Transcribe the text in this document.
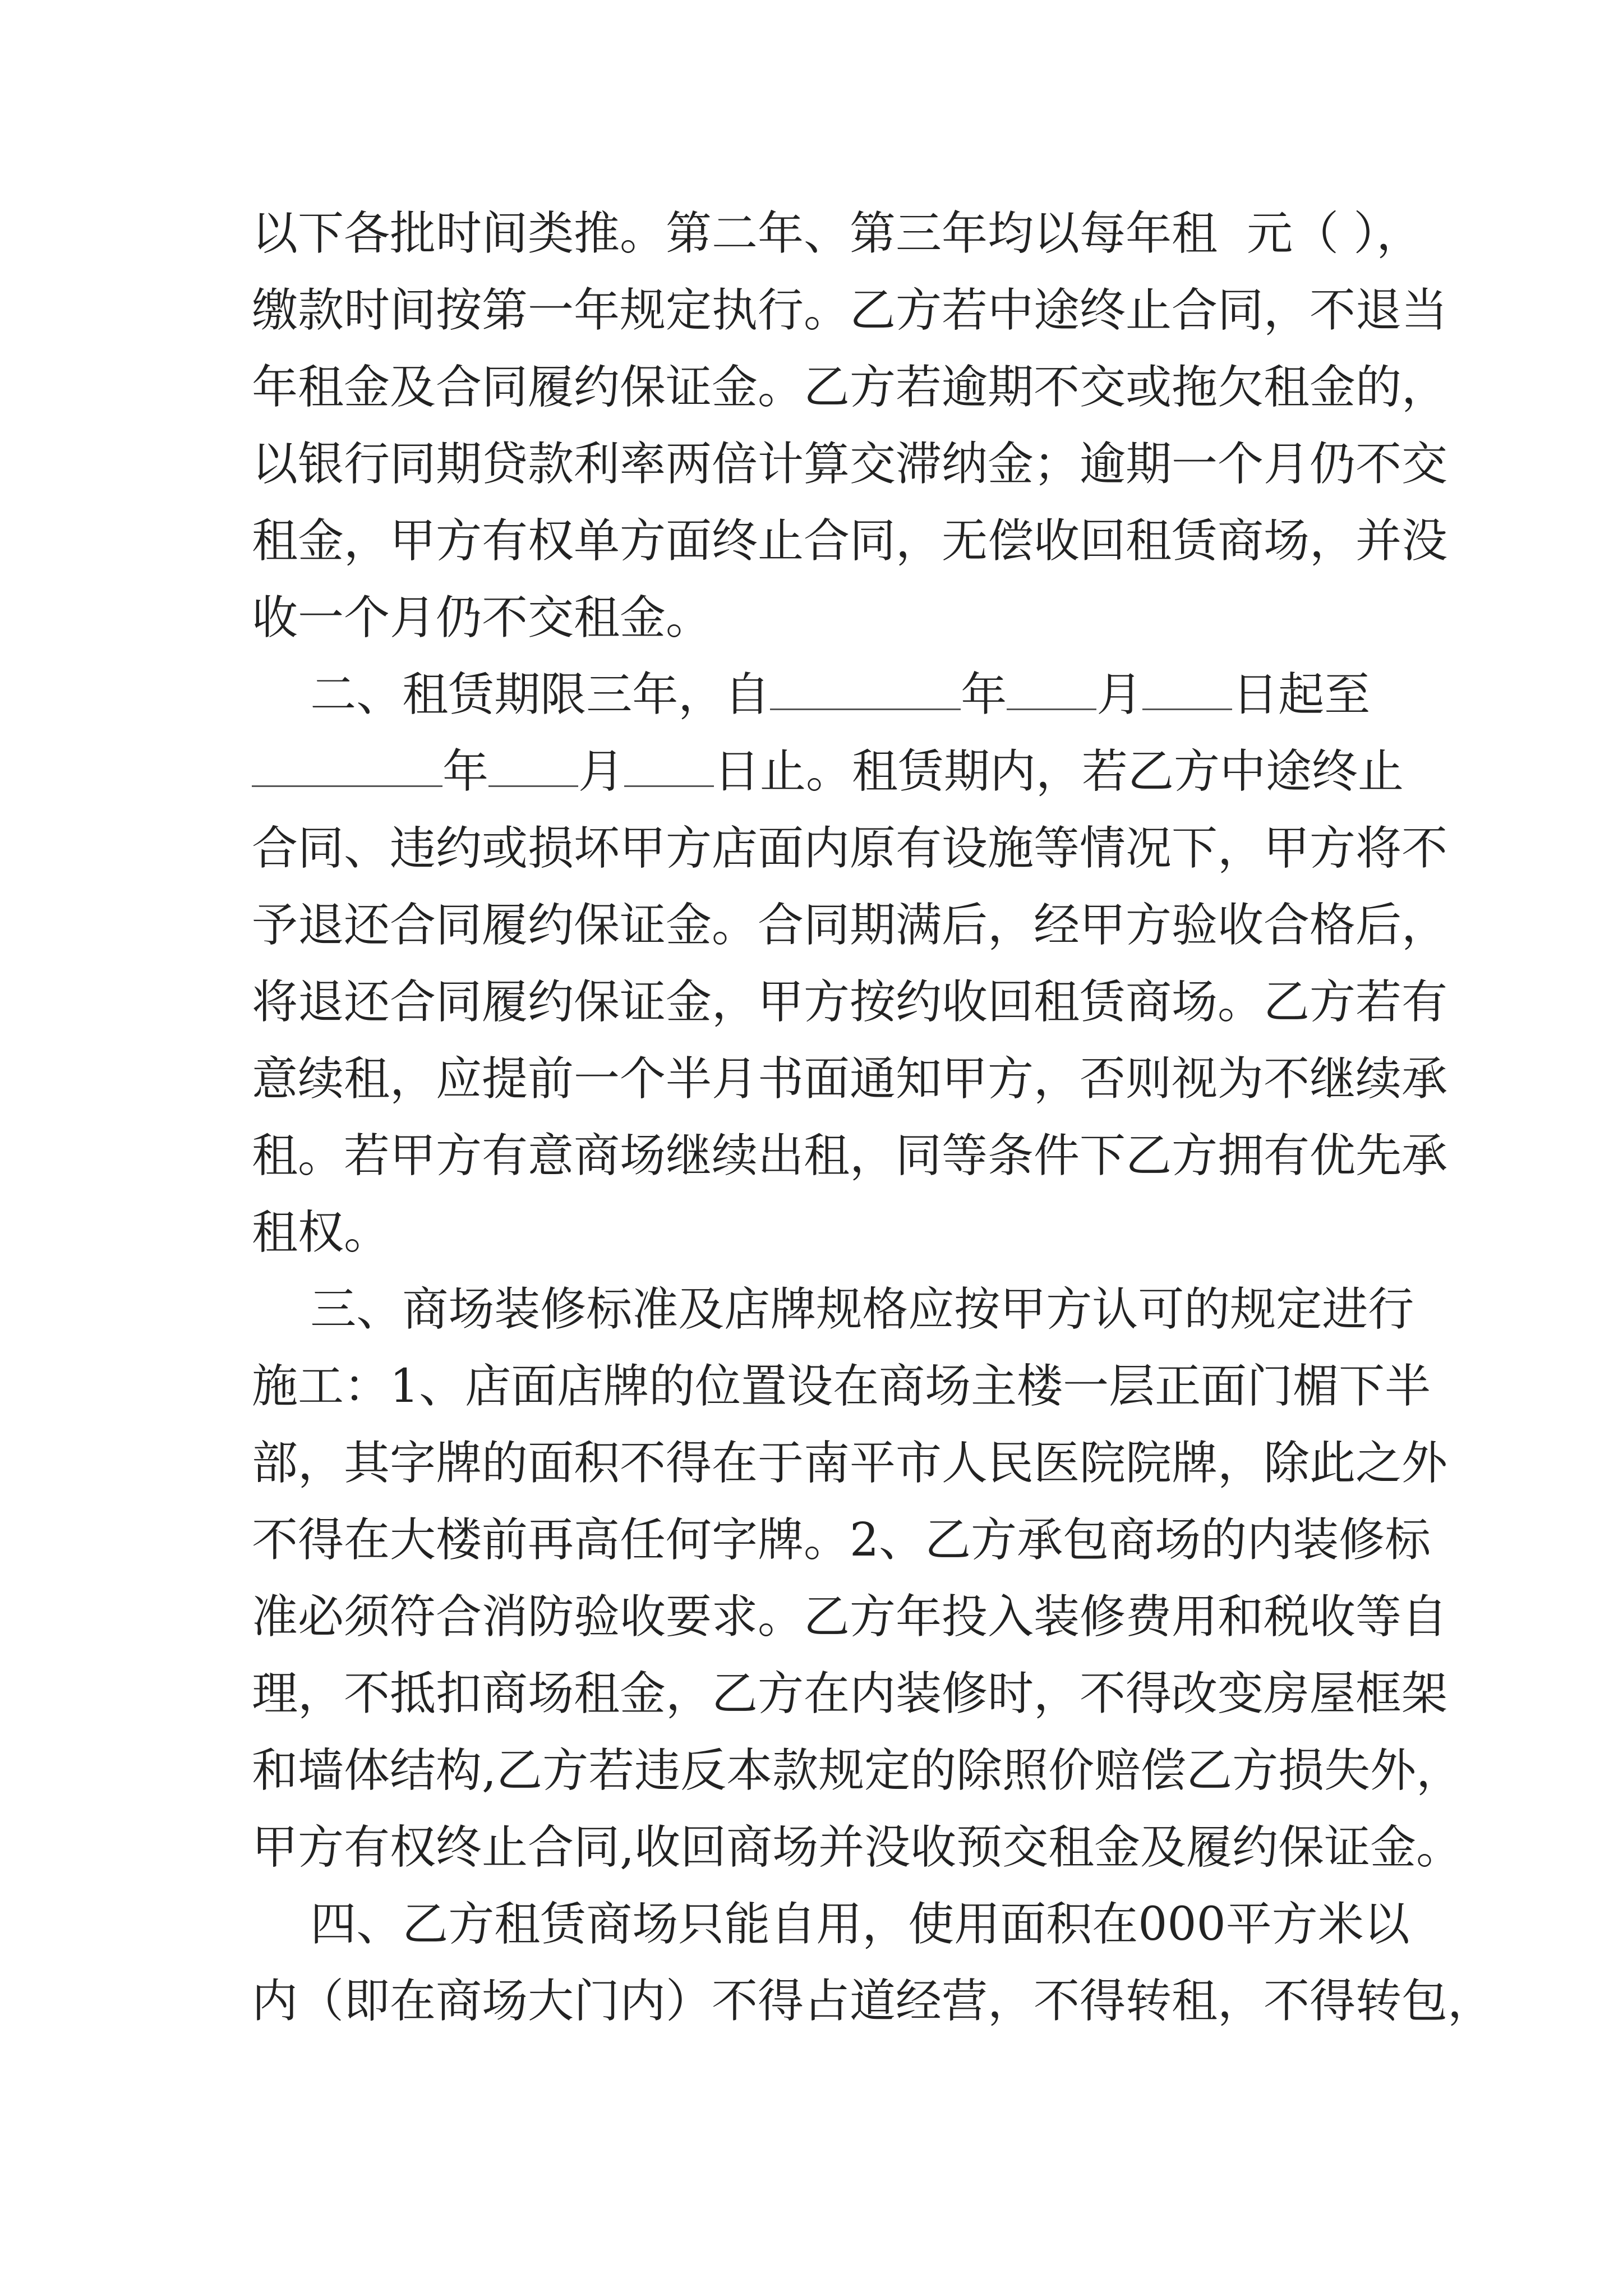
以下各批时间类推。第二年、第三年均以每年租  元（ ），
缴款时间按第一年规定执行。乙方若中途终止合同，不退当
年租金及合同履约保证金。乙方若逾期不交或拖欠租金的，
以银行同期贷款利率两倍计算交滞纳金；逾期一个月仍不交
租金，甲方有权单方面终止合同，无偿收回租赁商场，并没
收一个月仍不交租金。
二、租赁期限三年，自	年 月 日起至
年 月 日止。租赁期内，若乙方中途终止
合同、违约或损坏甲方店面内原有设施等情况下，甲方将不
予退还合同履约保证金。合同期满后，经甲方验收合格后，
将退还合同履约保证金，甲方按约收回租赁商场。乙方若有
意续租，应提前一个半月书面通知甲方，否则视为不继续承
租。若甲方有意商场继续出租，同等条件下乙方拥有优先承
租权。
三、商场装修标准及店牌规格应按甲方认可的规定进行
施工：1、店面店牌的位置设在商场主楼一层正面门楣下半
部，其字牌的面积不得在于南平市人民医院院牌，除此之外
不得在大楼前再高任何字牌。2、乙方承包商场的内装修标
准必须符合消防验收要求。乙方年投入装修费用和税收等自
理，不抵扣商场租金，乙方在内装修时，不得改变房屋框架
和墙体结构,乙方若违反本款规定的除照价赔偿乙方损失外，
甲方有权终止合同,收回商场并没收预交租金及履约保证金。
四、乙方租赁商场只能自用，使用面积在000平方米以
内（即在商场大门内）不得占道经营，不得转租，不得转包，
